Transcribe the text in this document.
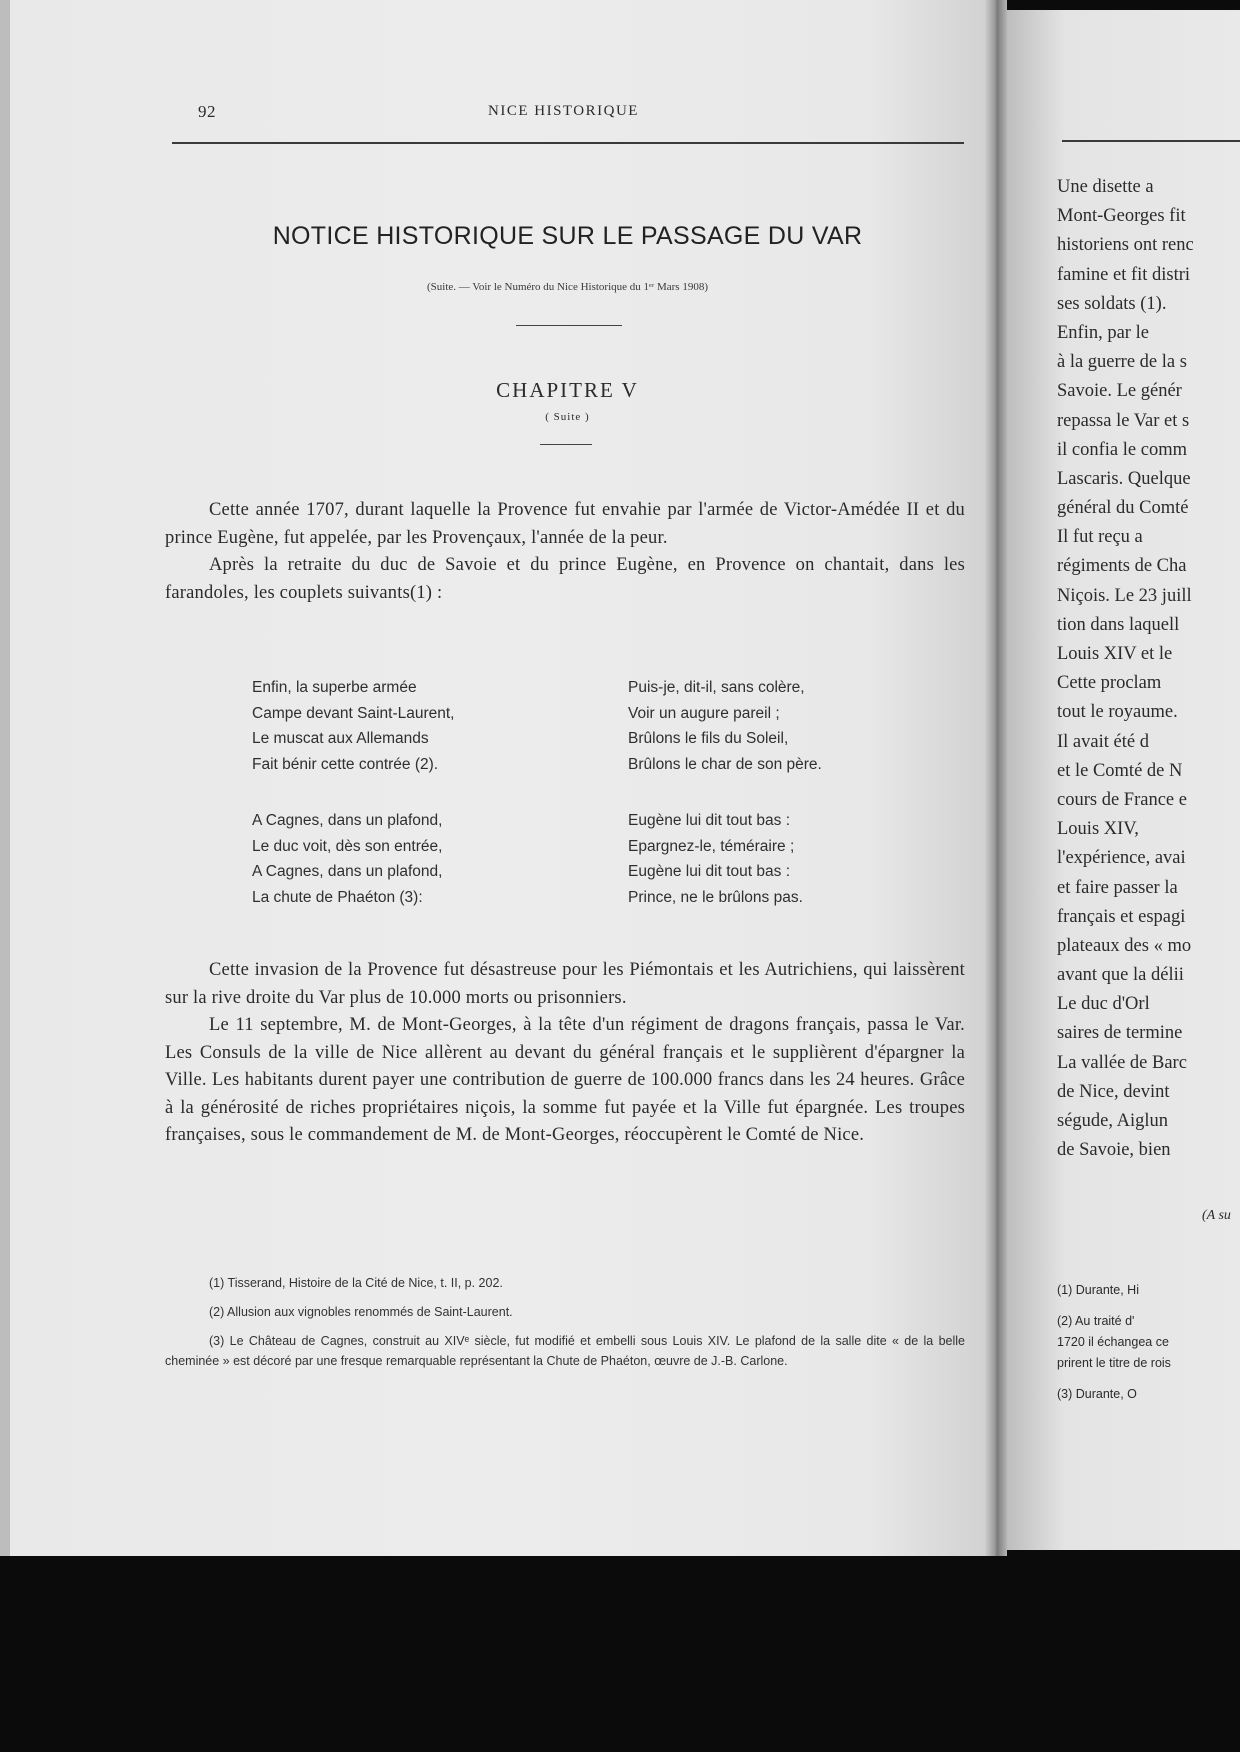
92	NICE HISTORIQUE
NOTICE HISTORIQUE SUR LE PASSAGE DU VAR
(Suite. — Voir le Numéro du Nice Historique du 1ᵉʳ Mars 1908)
CHAPITRE V
( Suite )

Cette année 1707, durant laquelle la Provence fut envahie par l'armée de Victor-Amédée II et du prince Eugène, fut appelée, par les Provençaux, l'année de la peur.

Après la retraite du duc de Savoie et du prince Eugène, en Provence on chantait, dans les farandoles, les couplets suivants(1) :

Enfin, la superbe armée
Campe devant Saint-Laurent,
Le muscat aux Allemands
Fait bénir cette contrée (2).
Puis-je, dit-il, sans colère,
Voir un augure pareil ;
Brûlons le fils du Soleil,
Brûlons le char de son père.
A Cagnes, dans un plafond,
Le duc voit, dès son entrée,
A Cagnes, dans un plafond,
La chute de Phaéton (3):
Eugène lui dit tout bas :
Epargnez-le, téméraire ;
Eugène lui dit tout bas :
Prince, ne le brûlons pas.

Cette invasion de la Provence fut désastreuse pour les Piémontais et les Autrichiens, qui laissèrent sur la rive droite du Var plus de 10.000 morts ou prisonniers.

Le 11 septembre, M. de Mont-Georges, à la tête d'un régiment de dragons français, passa le Var. Les Consuls de la ville de Nice allèrent au devant du général français et le supplièrent d'épargner la Ville. Les habitants durent payer une contribution de guerre de 100.000 francs dans les 24 heures. Grâce à la générosité de riches propriétaires niçois, la somme fut payée et la Ville fut épargnée. Les troupes françaises, sous le commandement de M. de Mont-Georges, réoccupèrent le Comté de Nice.

(1) Tisserand, Histoire de la Cité de Nice, t. II, p. 202.

(2) Allusion aux vignobles renommés de Saint-Laurent.

(3) Le Château de Cagnes, construit au XIVᵉ siècle, fut modifié et embelli sous Louis XIV. Le plafond de la salle dite « de la belle cheminée » est décoré par une fresque remarquable représentant la Chute de Phaéton, œuvre de J.-B. Carlone.

Une disette a
Mont-Georges fit
historiens ont renc
famine et fit distri
ses soldats (1).
Enfin, par le
à la guerre de la s
Savoie. Le génér
repassa le Var et s
il confia le comm
Lascaris. Quelque
général du Comté
Il fut reçu a
régiments de Cha
Niçois. Le 23 juill
tion dans laquell
Louis XIV et le
Cette proclam
tout le royaume.
Il avait été d
et le Comté de N
cours de France e
Louis XIV,
l'expérience, avai
et faire passer la
français et espagi
plateaux des « mo
avant que la délii
Le duc d'Orl
saires de termine
La vallée de Barc
de Nice, devint
ségude, Aiglun
de Savoie, bien
(A su
(1) Durante, Hi
(2) Au traité d'
1720 il échangea ce
prirent le titre de rois
(3) Durante, O
